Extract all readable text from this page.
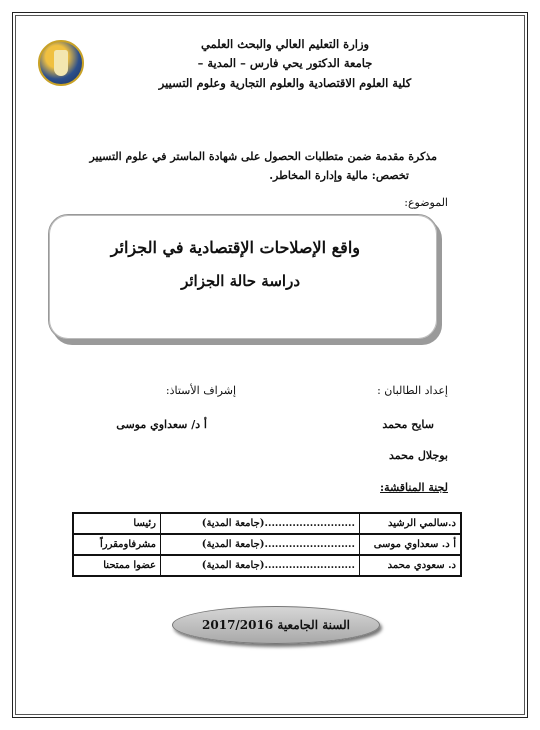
وزارة التعليم العالي والبحث العلمي
جامعة الدكتور يحي فارس – المدية –
كلية العلوم الاقتصادية والعلوم التجارية وعلوم التسيير
مذكرة مقدمة ضمن متطلبات الحصول على شهادة الماستر في علوم التسيير
تخصص: مالية وإدارة المخاطر.
الموضوع:
واقع الإصلاحات الإقتصادية في الجزائر
دراسة حالة الجزائر
إعداد الطالبان :
سايح محمد
بوجلال محمد
إشراف الأستاذ:
أ د/ سعداوي موسى
لجنة المناقشة:
د.سالمي الرشيد	..........................(جامعة المدية)	رئيسا
أ د. سعداوي موسى	..........................(جامعة المدية)	مشرفاومقرراً
د. سعودي محمد	..........................(جامعة المدية)	عضوا ممتحنا
السنة الجامعية 2017/2016
